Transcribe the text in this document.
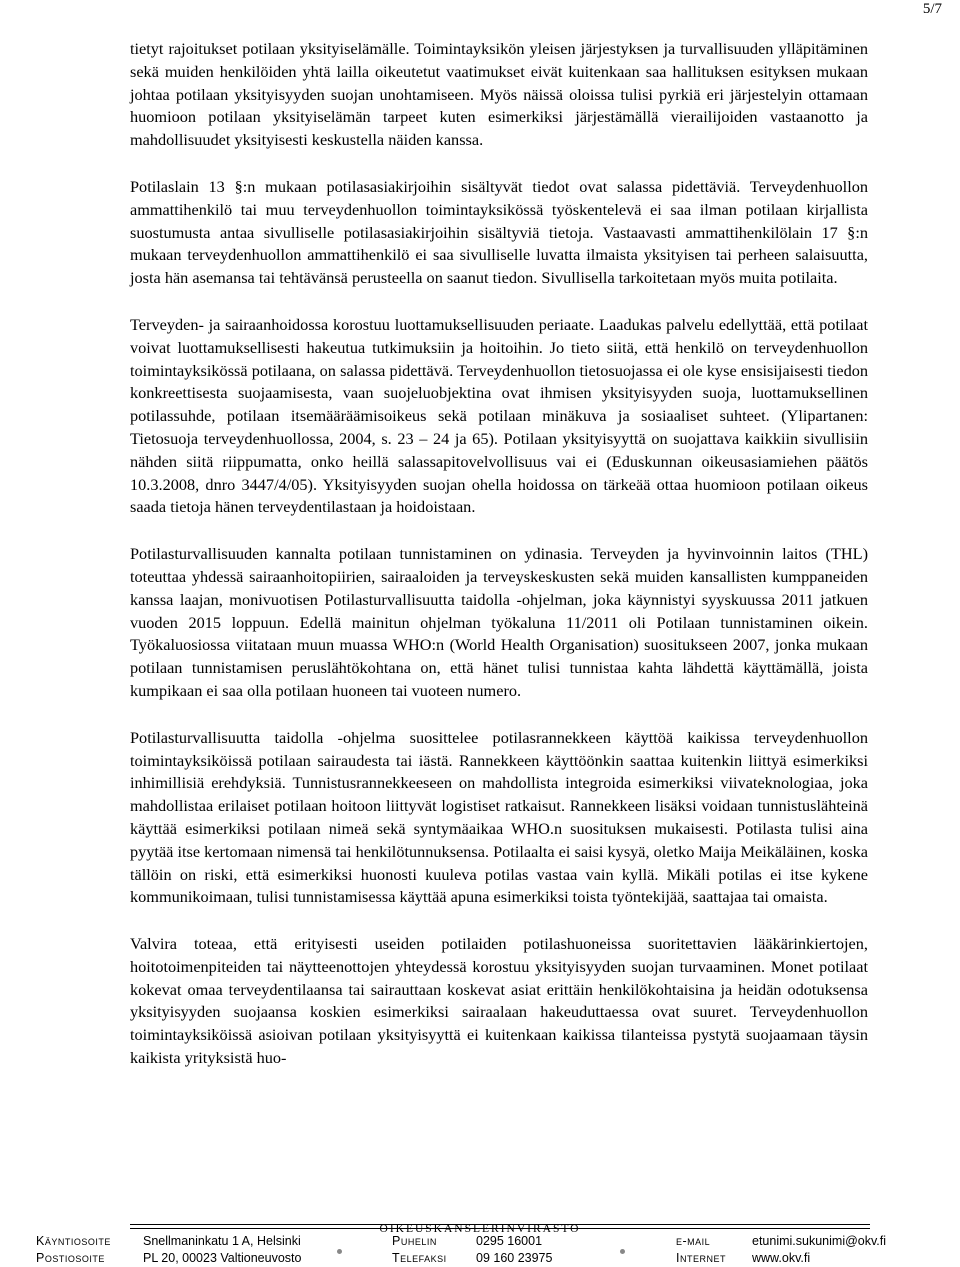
5/7

tietyt rajoitukset potilaan yksityiselämälle. Toimintayksikön yleisen järjestyksen ja turvallisuuden ylläpitäminen sekä muiden henkilöiden yhtä lailla oikeutetut vaatimukset eivät kuitenkaan saa hallituksen esityksen mukaan johtaa potilaan yksityisyyden suojan unohtamiseen. Myös näissä oloissa tulisi pyrkiä eri järjestelyin ottamaan huomioon potilaan yksityiselämän tarpeet kuten esimerkiksi järjestämällä vierailijoiden vastaanotto ja mahdollisuudet yksityisesti keskustella näiden kanssa.

Potilaslain 13 §:n mukaan potilasasiakirjoihin sisältyvät tiedot ovat salassa pidettäviä. Terveydenhuollon ammattihenkilö tai muu terveydenhuollon toimintayksikössä työskentelevä ei saa ilman potilaan kirjallista suostumusta antaa sivulliselle potilasasiakirjoihin sisältyviä tietoja. Vastaavasti ammattihenkilölain 17 §:n mukaan terveydenhuollon ammattihenkilö ei saa sivulliselle luvatta ilmaista yksityisen tai perheen salaisuutta, josta hän asemansa tai tehtävänsä perusteella on saanut tiedon. Sivullisella tarkoitetaan myös muita potilaita.

Terveyden- ja sairaanhoidossa korostuu luottamuksellisuuden periaate. Laadukas palvelu edellyttää, että potilaat voivat luottamuksellisesti hakeutua tutkimuksiin ja hoitoihin. Jo tieto siitä, että henkilö on terveydenhuollon toimintayksikössä potilaana, on salassa pidettävä. Terveydenhuollon tietosuojassa ei ole kyse ensisijaisesti tiedon konkreettisesta suojaamisesta, vaan suojeluobjektina ovat ihmisen yksityisyyden suoja, luottamuksellinen potilassuhde, potilaan itsemääräämisoikeus sekä potilaan minäkuva ja sosiaaliset suhteet. (Ylipartanen: Tietosuoja terveydenhuollossa, 2004, s. 23 – 24 ja 65). Potilaan yksityisyyttä on suojattava kaikkiin sivullisiin nähden siitä riippumatta, onko heillä salassapitovelvollisuus vai ei (Eduskunnan oikeusasiamiehen päätös 10.3.2008, dnro 3447/4/05). Yksityisyyden suojan ohella hoidossa on tärkeää ottaa huomioon potilaan oikeus saada tietoja hänen terveydentilastaan ja hoidoistaan.

Potilasturvallisuuden kannalta potilaan tunnistaminen on ydinasia. Terveyden ja hyvinvoinnin laitos (THL) toteuttaa yhdessä sairaanhoitopiirien, sairaaloiden ja terveyskeskusten sekä muiden kansallisten kumppaneiden kanssa laajan, monivuotisen Potilasturvallisuutta taidolla -ohjelman, joka käynnistyi syyskuussa 2011 jatkuen vuoden 2015 loppuun. Edellä mainitun ohjelman työkaluna 11/2011 oli Potilaan tunnistaminen oikein. Työkaluosiossa viitataan muun muassa WHO:n (World Health Organisation) suositukseen 2007, jonka mukaan potilaan tunnistamisen peruslähtökohtana on, että hänet tulisi tunnistaa kahta lähdettä käyttämällä, joista kumpikaan ei saa olla potilaan huoneen tai vuoteen numero.

Potilasturvallisuutta taidolla -ohjelma suosittelee potilasrannekkeen käyttöä kaikissa terveydenhuollon toimintayksiköissä potilaan sairaudesta tai iästä. Rannekkeen käyttöönkin saattaa kuitenkin liittyä esimerkiksi inhimillisiä erehdyksiä. Tunnistusrannekkeeseen on mahdollista integroida esimerkiksi viivateknologiaa, joka mahdollistaa erilaiset potilaan hoitoon liittyvät logistiset ratkaisut. Rannekkeen lisäksi voidaan tunnistuslähteinä käyttää esimerkiksi potilaan nimeä sekä syntymäaikaa WHO.n suosituksen mukaisesti. Potilasta tulisi aina pyytää itse kertomaan nimensä tai henkilötunnuksensa. Potilaalta ei saisi kysyä, oletko Maija Meikäläinen, koska tällöin on riski, että esimerkiksi huonosti kuuleva potilas vastaa vain kyllä. Mikäli potilas ei itse kykene kommunikoimaan, tulisi tunnistamisessa käyttää apuna esimerkiksi toista työntekijää, saattajaa tai omaista.

Valvira toteaa, että erityisesti useiden potilaiden potilashuoneissa suoritettavien lääkärinkiertojen, hoitotoimenpiteiden tai näytteenottojen yhteydessä korostuu yksityisyyden suojan turvaaminen. Monet potilaat kokevat omaa terveydentilaansa tai sairauttaan koskevat asiat erittäin henkilökohtaisina ja heidän odotuksensa yksityisyyden suojaansa koskien esimerkiksi sairaalaan hakeuduttaessa ovat suuret. Terveydenhuollon toimintayksiköissä asioivan potilaan yksityisyyttä ei kuitenkaan kaikissa tilanteissa pystytä suojaamaan täysin kaikista yrityksistä huo-

OIKEUSKANSLERINVIRASTO
Käyntiosoite	Snellmaninkatu 1 A, Helsinki	Puhelin	0295 16001	e-mail	etunimi.sukunimi@okv.fi
Postiosoite	PL 20, 00023 Valtioneuvosto	Telefaksi 09 160 23975	Internet www.okv.fi
